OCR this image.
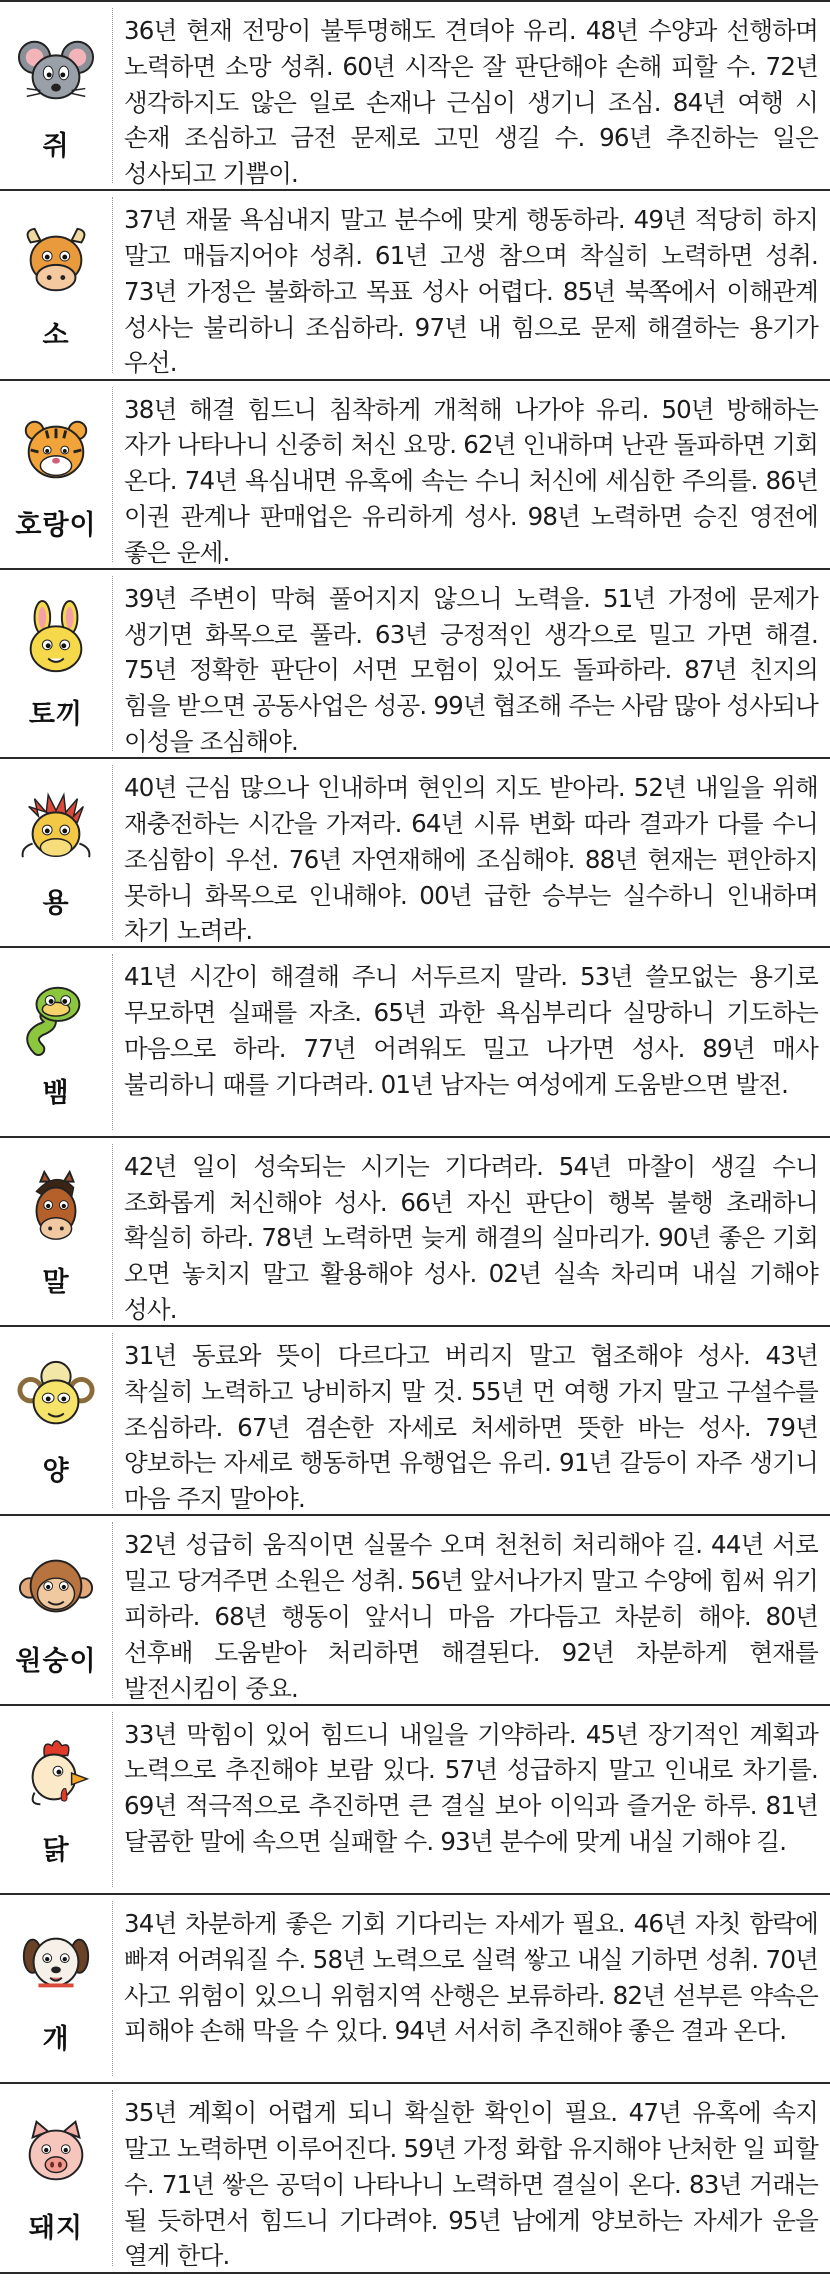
쥐
36년 현재 전망이 불투명해도 견뎌야 유리. 48년 수양과 선행하며 노력하면 소망 성취. 60년 시작은 잘 판단해야 손해 피할 수. 72년 생각하지도 않은 일로 손재나 근심이 생기니 조심. 84년 여행 시 손재 조심하고 금전 문제로 고민 생길 수. 96년 추진하는 일은 성사되고 기쁨이.
소
37년 재물 욕심내지 말고 분수에 맞게 행동하라. 49년 적당히 하지 말고 매듭지어야 성취. 61년 고생 참으며 착실히 노력하면 성취. 73년 가정은 불화하고 목표 성사 어렵다. 85년 북쪽에서 이해관계 성사는 불리하니 조심하라. 97년 내 힘으로 문제 해결하는 용기가 우선.
호랑이
38년 해결 힘드니 침착하게 개척해 나가야 유리. 50년 방해하는 자가 나타나니 신중히 처신 요망. 62년 인내하며 난관 돌파하면 기회 온다. 74년 욕심내면 유혹에 속는 수니 처신에 세심한 주의를. 86년 이권 관계나 판매업은 유리하게 성사. 98년 노력하면 승진 영전에 좋은 운세.
토끼
39년 주변이 막혀 풀어지지 않으니 노력을. 51년 가정에 문제가 생기면 화목으로 풀라. 63년 긍정적인 생각으로 밀고 가면 해결. 75년 정확한 판단이 서면 모험이 있어도 돌파하라. 87년 친지의 힘을 받으면 공동사업은 성공. 99년 협조해 주는 사람 많아 성사되나 이성을 조심해야.
용
40년 근심 많으나 인내하며 현인의 지도 받아라. 52년 내일을 위해 재충전하는 시간을 가져라. 64년 시류 변화 따라 결과가 다를 수니 조심함이 우선. 76년 자연재해에 조심해야. 88년 현재는 편안하지 못하니 화목으로 인내해야. 00년 급한 승부는 실수하니 인내하며 차기 노려라.
뱀
41년 시간이 해결해 주니 서두르지 말라. 53년 쓸모없는 용기로 무모하면 실패를 자초. 65년 과한 욕심부리다 실망하니 기도하는 마음으로 하라. 77년 어려워도 밀고 나가면 성사. 89년 매사 불리하니 때를 기다려라. 01년 남자는 여성에게 도움받으면 발전.
말
42년 일이 성숙되는 시기는 기다려라. 54년 마찰이 생길 수니 조화롭게 처신해야 성사. 66년 자신 판단이 행복 불행 초래하니 확실히 하라. 78년 노력하면 늦게 해결의 실마리가. 90년 좋은 기회 오면 놓치지 말고 활용해야 성사. 02년 실속 차리며 내실 기해야 성사.
양
31년 동료와 뜻이 다르다고 버리지 말고 협조해야 성사. 43년 착실히 노력하고 낭비하지 말 것. 55년 먼 여행 가지 말고 구설수를 조심하라. 67년 겸손한 자세로 처세하면 뜻한 바는 성사. 79년 양보하는 자세로 행동하면 유행업은 유리. 91년 갈등이 자주 생기니 마음 주지 말아야.
원숭이
32년 성급히 움직이면 실물수 오며 천천히 처리해야 길. 44년 서로 밀고 당겨주면 소원은 성취. 56년 앞서나가지 말고 수양에 힘써 위기 피하라. 68년 행동이 앞서니 마음 가다듬고 차분히 해야. 80년 선후배 도움받아 처리하면 해결된다. 92년 차분하게 현재를 발전시킴이 중요.
닭
33년 막힘이 있어 힘드니 내일을 기약하라. 45년 장기적인 계획과 노력으로 추진해야 보람 있다. 57년 성급하지 말고 인내로 차기를. 69년 적극적으로 추진하면 큰 결실 보아 이익과 즐거운 하루. 81년 달콤한 말에 속으면 실패할 수. 93년 분수에 맞게 내실 기해야 길.
개
34년 차분하게 좋은 기회 기다리는 자세가 필요. 46년 자칫 함락에 빠져 어려워질 수. 58년 노력으로 실력 쌓고 내실 기하면 성취. 70년 사고 위험이 있으니 위험지역 산행은 보류하라. 82년 섣부른 약속은 피해야 손해 막을 수 있다. 94년 서서히 추진해야 좋은 결과 온다.
돼지
35년 계획이 어렵게 되니 확실한 확인이 필요. 47년 유혹에 속지 말고 노력하면 이루어진다. 59년 가정 화합 유지해야 난처한 일 피할 수. 71년 쌓은 공덕이 나타나니 노력하면 결실이 온다. 83년 거래는 될 듯하면서 힘드니 기다려야. 95년 남에게 양보하는 자세가 운을 열게 한다.
